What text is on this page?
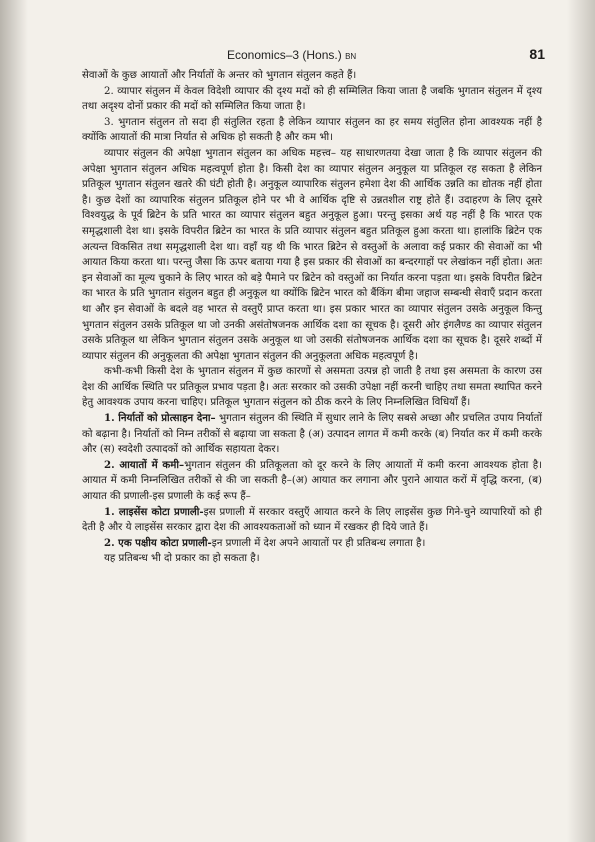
Economics–3 (Hons.) BN	81

सेवाओं के कुछ आयातों और निर्यातों के अन्तर को भुगतान संतुलन कहते हैं।

2. व्यापार संतुलन में केवल विदेशी व्यापार की दृश्य मदों को ही सम्मिलित किया जाता है जबकि भुगतान संतुलन में दृश्य तथा अदृश्य दोनों प्रकार की मदों को सम्मिलित किया जाता है।

3. भुगतान संतुलन तो सदा ही संतुलित रहता है लेकिन व्यापार संतुलन का हर समय संतुलित होना आवश्यक नहीं है क्योंकि आयातों की मात्रा निर्यात से अधिक हो सकती है और कम भी।

व्यापार संतुलन की अपेक्षा भुगतान संतुलन का अधिक महत्त्व– यह साधारणतया देखा जाता है कि व्यापार संतुलन की अपेक्षा भुगतान संतुलन अधिक महत्वपूर्ण होता है। किसी देश का व्यापार संतुलन अनुकूल या प्रतिकूल रह सकता है लेकिन प्रतिकूल भुगतान संतुलन खतरे की घंटी होती है। अनुकूल व्यापारिक संतुलन हमेशा देश की आर्थिक उन्नति का द्योतक नहीं होता है। कुछ देशों का व्यापारिक संतुलन प्रतिकूल होने पर भी वे आर्थिक दृष्टि से उन्नतशील राष्ट्र होते हैं। उदाहरण के लिए दूसरे विश्वयुद्ध के पूर्व ब्रिटेन के प्रति भारत का व्यापार संतुलन बहुत अनुकूल हुआ। परन्तु इसका अर्थ यह नहीं है कि भारत एक समृद्धशाली देश था। इसके विपरीत ब्रिटेन का भारत के प्रति व्यापार संतुलन बहुत प्रतिकूल हुआ करता था। हालांकि ब्रिटेन एक अत्यन्त विकसित तथा समृद्धशाली देश था। वहाँ यह थी कि भारत ब्रिटेन से वस्तुओं के अलावा कई प्रकार की सेवाओं का भी आयात किया करता था। परन्तु जैसा कि ऊपर बताया गया है इस प्रकार की सेवाओं का बन्दरगाहों पर लेखांकन नहीं होता। अतः इन सेवाओं का मूल्य चुकाने के लिए भारत को बड़े पैमाने पर ब्रिटेन को वस्तुओं का निर्यात करना पड़ता था। इसके विपरीत ब्रिटेन का भारत के प्रति भुगतान संतुलन बहुत ही अनुकूल था क्योंकि ब्रिटेन भारत को बैंकिंग बीमा जहाज सम्बन्धी सेवाएँ प्रदान करता था और इन सेवाओं के बदले वह भारत से वस्तुएँ प्राप्त करता था। इस प्रकार भारत का व्यापार संतुलन उसके अनुकूल किन्तु भुगतान संतुलन उसके प्रतिकूल था जो उनकी असंतोषजनक आर्थिक दशा का सूचक है। दूसरी ओर इंगलैण्ड का व्यापार संतुलन उसके प्रतिकूल था लेकिन भुगतान संतुलन उसके अनुकूल था जो उसकी संतोषजनक आर्थिक दशा का सूचक है। दूसरे शब्दों में व्यापार संतुलन की अनुकूलता की अपेक्षा भुगतान संतुलन की अनुकूलता अधिक महत्वपूर्ण है।

कभी-कभी किसी देश के भुगतान संतुलन में कुछ कारणों से असमता उत्पन्न हो जाती है तथा इस असमता के कारण उस देश की आर्थिक स्थिति पर प्रतिकूल प्रभाव पड़ता है। अतः सरकार को उसकी उपेक्षा नहीं करनी चाहिए तथा समता स्थापित करने हेतु आवश्यक उपाय करना चाहिए। प्रतिकूल भुगतान संतुलन को ठीक करने के लिए निम्नलिखित विधियाँ हैं।

1. निर्यातों को प्रोत्साहन देना– भुगतान संतुलन की स्थिति में सुधार लाने के लिए सबसे अच्छा और प्रचलित उपाय निर्यातों को बढ़ाना है। निर्यातों को निम्न तरीकों से बढ़ाया जा सकता है (अ) उत्पादन लागत में कमी करके (ब) निर्यात कर में कमी करके और (स) स्वदेशी उत्पादकों को आर्थिक सहायता देकर।

2. आयातों में कमी–भुगतान संतुलन की प्रतिकूलता को दूर करने के लिए आयातों में कमी करना आवश्यक होता है। आयात में कमी निम्नलिखित तरीकों से की जा सकती है–(अ) आयात कर लगाना और पुराने आयात करों में वृद्धि करना, (ब) आयात की प्रणाली-इस प्रणाली के कई रूप हैं–

1. लाइसेंस कोटा प्रणाली-इस प्रणाली में सरकार वस्तुएँ आयात करने के लिए लाइसेंस कुछ गिने-चुने व्यापारियों को ही देती है और ये लाइसेंस सरकार द्वारा देश की आवश्यकताओं को ध्यान में रखकर ही दिये जाते हैं।

2. एक पक्षीय कोटा प्रणाली-इन प्रणाली में देश अपने आयातों पर ही प्रतिबन्ध लगाता है।

यह प्रतिबन्ध भी दो प्रकार का हो सकता है।
